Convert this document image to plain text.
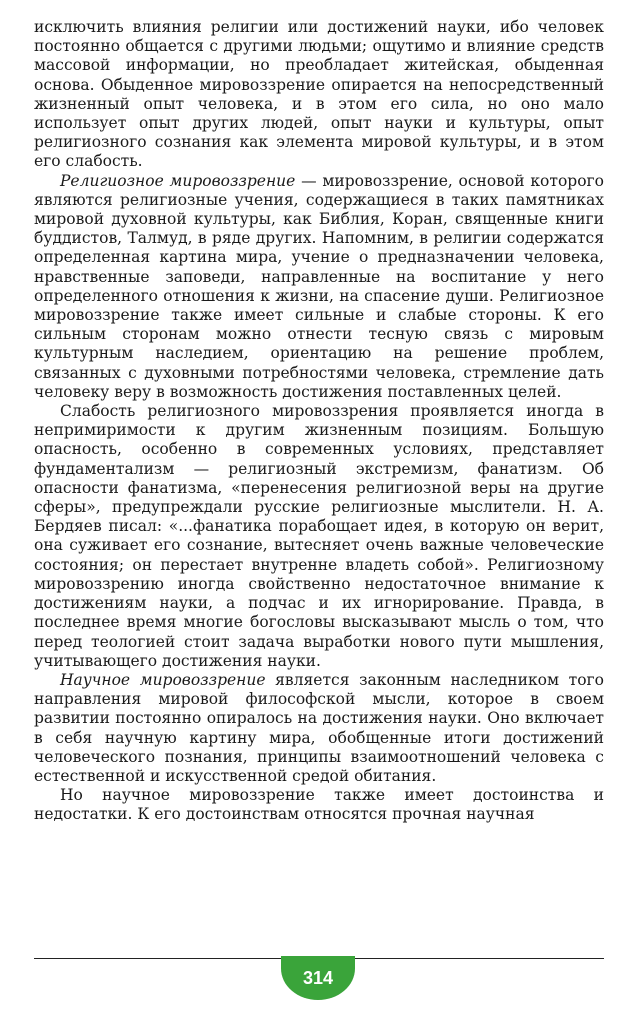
исключить влияния религии или достижений науки, ибо человек постоянно общается с другими людьми; ощутимо и влияние средств массовой информации, но преобладает житейская, обыденная основа. Обыденное мировоззрение опирается на непосредственный жизненный опыт человека, и в этом его сила, но оно мало использует опыт других людей, опыт науки и культуры, опыт религиозного сознания как элемента мировой культуры, и в этом его слабость.

Религиозное мировоззрение — мировоззрение, основой которого являются религиозные учения, содержащиеся в таких памятниках мировой духовной культуры, как Библия, Коран, священные книги буддистов, Талмуд, в ряде других. Напомним, в религии содержатся определенная картина мира, учение о предназначении человека, нравственные заповеди, направленные на воспитание у него определенного отношения к жизни, на спасение души. Религиозное мировоззрение также имеет сильные и слабые стороны. К его сильным сторонам можно отнести тесную связь с мировым культурным наследием, ориентацию на решение проблем, связанных с духовными потребностями человека, стремление дать человеку веру в возможность достижения поставленных целей.

Слабость религиозного мировоззрения проявляется иногда в непримиримости к другим жизненным позициям. Большую опасность, особенно в современных условиях, представляет фундаментализм — религиозный экстремизм, фанатизм. Об опасности фанатизма, «перенесения религиозной веры на другие сферы», предупреждали русские религиозные мыслители. Н. А. Бердяев писал: «...фанатика порабощает идея, в которую он верит, она суживает его сознание, вытесняет очень важные человеческие состояния; он перестает внутренне владеть собой». Религиозному мировоззрению иногда свойственно недостаточное внимание к достижениям науки, а подчас и их игнорирование. Правда, в последнее время многие богословы высказывают мысль о том, что перед теологией стоит задача выработки нового пути мышления, учитывающего достижения науки.

Научное мировоззрение является законным наследником того направления мировой философской мысли, которое в своем развитии постоянно опиралось на достижения науки. Оно включает в себя научную картину мира, обобщенные итоги достижений человеческого познания, принципы взаимоотношений человека с естественной и искусственной средой обитания.

Но научное мировоззрение также имеет достоинства и недостатки. К его достоинствам относятся прочная научная

314
